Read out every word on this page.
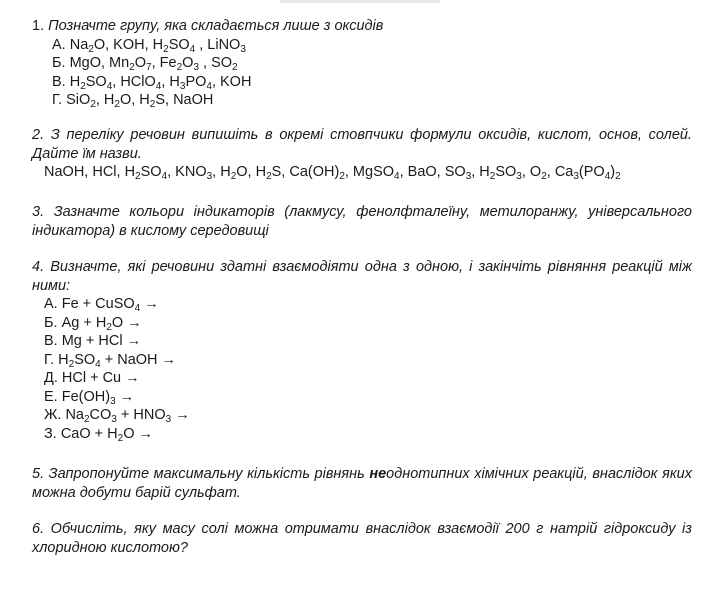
1. Позначте групу, яка складається лише з оксидів
А. $Na_2O$, KOH, $H_2SO_4$ , LiNO$_3$
Б. MgO, $Mn_2O_7$, $Fe_2O_3$ , $SO_2$
В. $H_2SO_4$, HClO$_4$, $H_3PO_4$, KOH
Г. SiO$_2$, $H_2O$, $H_2S$, NaOH
2. З переліку речовин випишіть в окремі стовпчики формули оксидів, кислот, основ, солей. Дайте їм назви.
NaOH, HCl, $H_2SO_4$, $KNO_3$, $H_2O$, $H_2S$, $Ca(OH)_2$, MgSO$_4$, BaO, $SO_3$, $H_2SO_3$, $O_2$, $Ca_3(PO_4)_2$
3. Зазначте кольори індикаторів (лакмусу, фенолфталеїну, метилоранжу, універсального індикатора) в кислому середовищі
4. Визначте, які речовини здатні взаємодіяти одна з одною, і закінчіть рівняння реакцій між ними:
А. Fe + CuSO$_4$ →
Б. $Ag + H_2O$ →
В. Mg + HCl →
Г. $H_2SO_4$ + NaOH →
Д. HCl + Cu →
Е. $Fe(OH)_3$ →
Ж. $Na_2CO_3 + HNO_3$ →
З. CaO + $H_2O$ →
5. Запропонуйте максимальну кількість рівнянь неоднотипних хімічних реакцій, внаслідок яких можна добути барій сульфат.
6. Обчисліть, яку масу солі можна отримати внаслідок взаємодії 200 г натрій гідроксиду із хлоридною кислотою?
